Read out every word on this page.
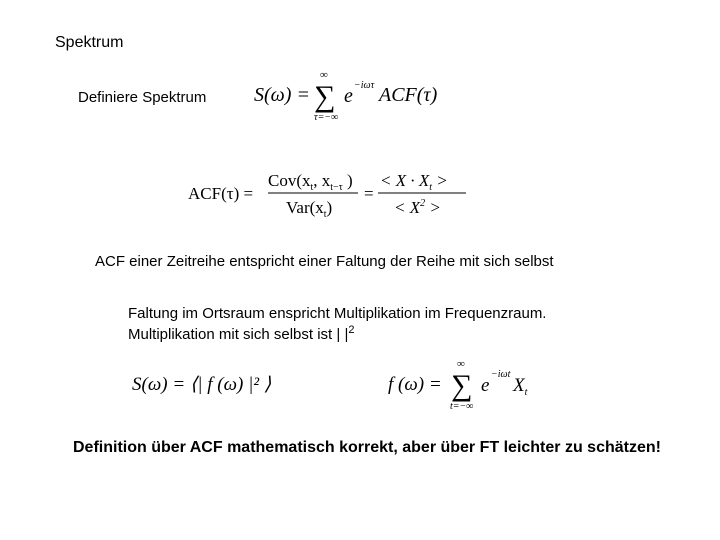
Spektrum
Definiere Spektrum S(ω) =
∞
∑
τ=−∞
e −iωτ ACF(τ)
ACF(τ) =
$Cov(x_t$, $x_{t-\tau}$ )
$Var(x_t)$
=
< $X \cdot X_t$ >
< $X^2$ >
ACF einer Zeitreihe entspricht einer Faltung der Reihe mit sich selbst
Faltung im Ortsraum enspricht Multiplikation im Frequenzraum.
Multiplikation mit sich selbst ist | $|^2$
S(ω) = ⟨| f (ω) |² ⟩	f (ω) =
∞
∑
t=−∞
e
−iωt
$X_t$
Definition über ACF mathematisch korrekt, aber über FT leichter zu schätzen!
